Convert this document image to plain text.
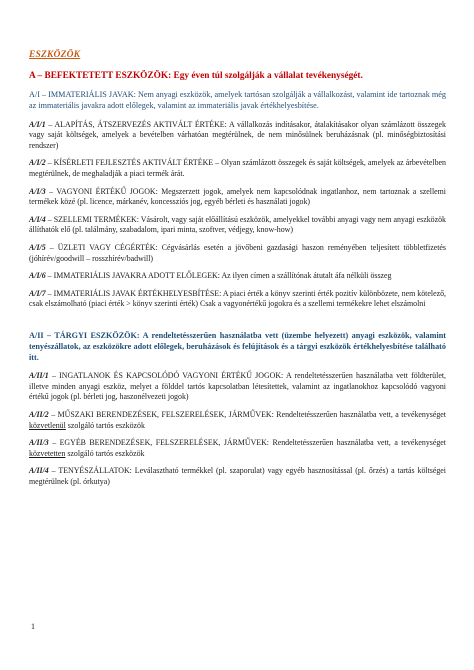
ESZKÖZÖK
A – BEFEKTETETT ESZKÖZÖK: Egy éven túl szolgálják a vállalat tevékenységét.
A/I – IMMATERIÁLIS JAVAK: Nem anyagi eszközök, amelyek tartósan szolgálják a vállalkozást, valamint ide tartoznak még az immateriális javakra adott előlegek, valamint az immateriális javak értékhelyesbítése.
A/I/1 – ALAPÍTÁS, ÁTSZERVEZÉS AKTIVÁLT ÉRTÉKE: A vállalkozás indításakor, átalakításakor olyan számlázott összegek vagy saját költségek, amelyek a bevételben várhatóan megtérülnek, de nem minősülnek beruházásnak (pl. minőségbiztosítási rendszer)
A/I/2 – KÍSÉRLETI FEJLESZTÉS AKTIVÁLT ÉRTÉKE – Olyan számlázott összegek és saját költségek, amelyek az árbevételben megtérülnek, de meghaladják a piaci termék árát.
A/I/3 – VAGYONI ÉRTÉKŰ JOGOK: Megszerzett jogok, amelyek nem kapcsolódnak ingatlanhoz, nem tartoznak a szellemi termékek közé (pl. licence, márkanév, koncessziós jog, egyéb bérleti és használati jogok)
A/I/4 – SZELLEMI TERMÉKEK: Vásárolt, vagy saját előállítású eszközök, amelyekkel további anyagi vagy nem anyagi eszközök állíthatók elő (pl. találmány, szabadalom, ipari minta, szoftver, védjegy, know-how)
A/I/5 – ÜZLETI VAGY CÉGÉRTÉK: Cégvásárlás esetén a jövőbeni gazdasági haszon reményében teljesített többletfizetés (jóhírév/goodwill – rosszhírév/badwill)
A/I/6 – IMMATERIÁLIS JAVAKRA ADOTT ELŐLEGEK: Az ilyen címen a szállítónak átutalt áfa nélküli összeg
A/I/7 – IMMATERIÁLIS JAVAK ÉRTÉKHELYESBÍTÉSE: A piaci érték a könyv szerinti érték pozitív különbözete, nem kötelező, csak elszámolható (piaci érték > könyv szerinti érték) Csak a vagyonértékű jogokra és a szellemi termékekre lehet elszámolni
A/II – TÁRGYI ESZKÖZÖK: A rendeltetésszerűen használatba vett (üzembe helyezett) anyagi eszközök, valamint tenyészállatok, az eszközökre adott előlegek, beruházások és felújítások és a tárgyi eszközök értékhelyesbítése található itt.
A/II/1 – INGATLANOK ÉS KAPCSOLÓDÓ VAGYONI ÉRTÉKŰ JOGOK: A rendeltetésszerűen használatba vett földterület, illetve minden anyagi eszköz, melyet a földdel tartós kapcsolatban létesítettek, valamint az ingatlanokhoz kapcsolódó vagyoni értékű jogok (pl. bérleti jog, haszonélvezeti jogok)
A/II/2 – MŰSZAKI BERENDEZÉSEK, FELSZERELÉSEK, JÁRMŰVEK: Rendeltetésszerűen használatba vett, a tevékenységet közvetlenül szolgáló tartós eszközök
A/II/3 – EGYÉB BERENDEZÉSEK, FELSZERELÉSEK, JÁRMŰVEK: Rendeltetésszerűen használatba vett, a tevékenységet közvetetten szolgáló tartós eszközök
A/II/4 – TENYÉSZÁLLATOK: Leválasztható termékkel (pl. szaporulat) vagy egyéb hasznosítással (pl. őrzés) a tartás költségei megtérülnek (pl. órkutya)
1
